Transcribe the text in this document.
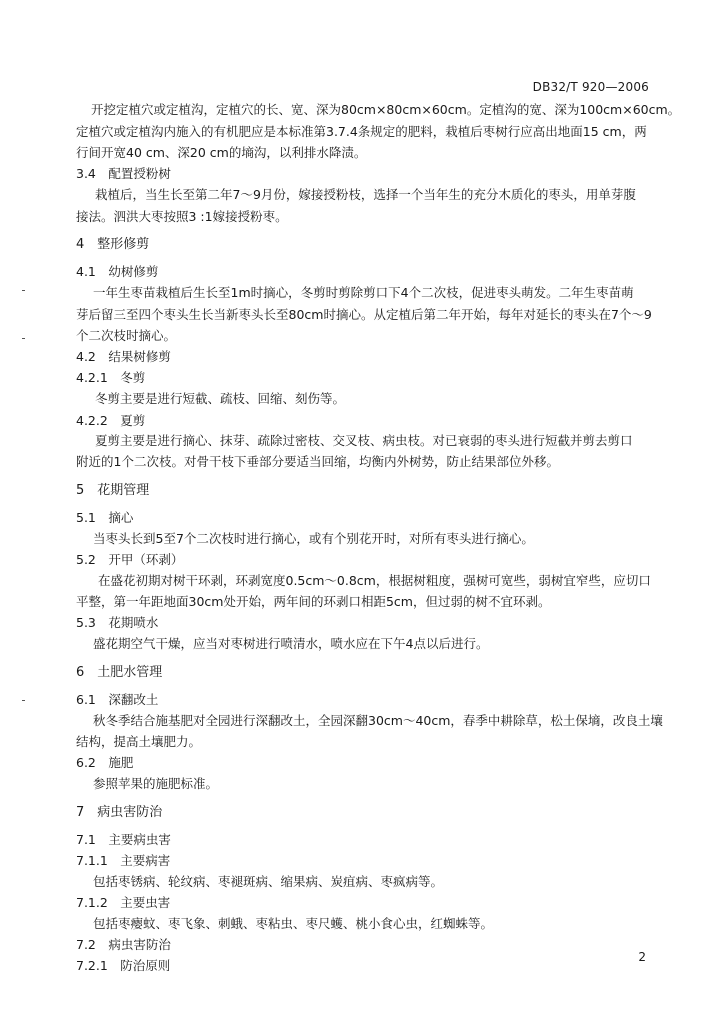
DB32/T 920—2006
开挖定植穴或定植沟，定植穴的长、宽、深为80cm×80cm×60cm。定植沟的宽、深为100cm×60cm。
定植穴或定植沟内施入的有机肥应是本标准第3.7.4条规定的肥料，栽植后枣树行应高出地面15 cm，两
行间开宽40 cm、深20 cm的墒沟，以利排水降渍。
3.4　配置授粉树
栽植后，当生长至第二年7～9月份，嫁接授粉枝，选择一个当年生的充分木质化的枣头，用单芽腹
接法。泗洪大枣按照3 :1嫁接授粉枣。
4　整形修剪
4.1　幼树修剪
一年生枣苗栽植后生长至1m时摘心，冬剪时剪除剪口下4个二次枝，促进枣头萌发。二年生枣苗萌
芽后留三至四个枣头生长当新枣头长至80cm时摘心。从定植后第二年开始，每年对延长的枣头在7个～9
个二次枝时摘心。
4.2　结果树修剪
4.2.1　冬剪
冬剪主要是进行短截、疏枝、回缩、刻伤等。
4.2.2　夏剪
夏剪主要是进行摘心、抹芽、疏除过密枝、交叉枝、病虫枝。对已衰弱的枣头进行短截并剪去剪口
附近的1个二次枝。对骨干枝下垂部分要适当回缩，均衡内外树势，防止结果部位外移。
5　花期管理
5.1　摘心
当枣头长到5至7个二次枝时进行摘心，或有个别花开时，对所有枣头进行摘心。
5.2　开甲（环剥）
在盛花初期对树干环剥，环剥宽度0.5cm～0.8cm，根据树粗度，强树可宽些，弱树宜窄些，应切口
平整，第一年距地面30cm处开始，两年间的环剥口相距5cm，但过弱的树不宜环剥。
5.3　花期喷水
盛花期空气干燥，应当对枣树进行喷清水，喷水应在下午4点以后进行。
6　土肥水管理
6.1　深翻改土
秋冬季结合施基肥对全园进行深翻改土，全园深翻30cm～40cm，春季中耕除草，松土保墒，改良土壤
结构，提高土壤肥力。
6.2　施肥
参照苹果的施肥标准。
7　病虫害防治
7.1　主要病虫害
7.1.1　主要病害
包括枣锈病、轮纹病、枣褪斑病、缩果病、炭疽病、枣疯病等。
7.1.2　主要虫害
包括枣瘿蚊、枣飞象、刺蛾、枣粘虫、枣尺蠖、桃小食心虫，红蜘蛛等。
7.2　病虫害防治
7.2.1　防治原则
2
